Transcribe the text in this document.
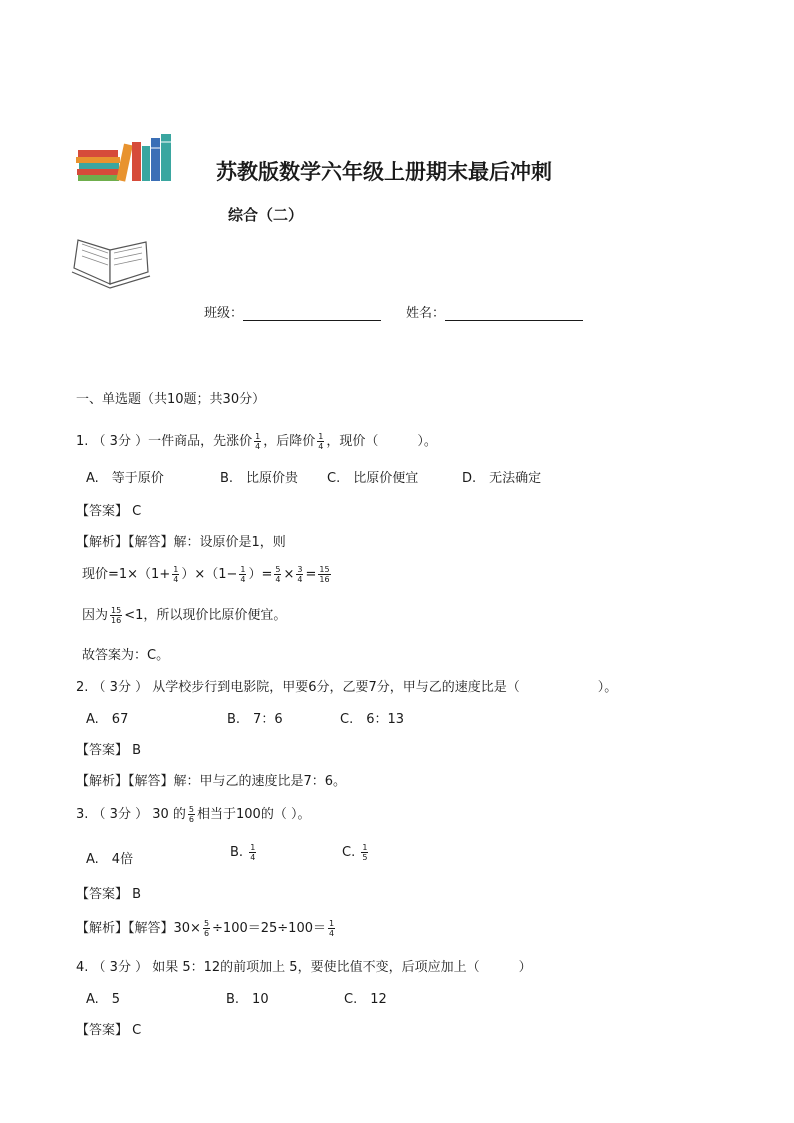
苏教版数学六年级上册期末最后冲刺
综合（二）
班级：	姓名：
一、单选题（共10题；共30分）
1. （ 3分 ）一件商品，先涨价 $\frac{1}{4}$ ，后降价 $\frac{1}{4}$ ，现价（　　　）。
A.　等于原价	B.　比原价贵 C.　比原价便宜	D.　无法确定
【答案】 C
【解析】【解答】解：设原价是1，则
现价$=1\times(1+ \frac{1}{4} )\times(1- \frac{1}{4}$ ）= $\frac{5}{4} \times \frac{3}{4} = \frac{15}{16}$
因为 $\frac{15}{16} <1$，所以现价比原价便宜。
故答案为：C。
2. （ 3分 ） 从学校步行到电影院，甲要6分，乙要7分，甲与乙的速度比是（　　　　　　）。
A.　67	B.　7：6	C.　6：13
【答案】 B
【解析】【解答】解：甲与乙的速度比是7：6。
3. （ 3分 ） 30 的 $\frac{5}{6}$ 相当于100的（ ）。
A.　4倍	B. $\frac{1}{4}$	C. $\frac{1}{5}$
【答案】 B
【解析】【解答】$30\times \frac{5}{6} \div 100=25\div 100= \frac{1}{4}$
4. （ 3分 ） 如果 5：12的前项加上 5，要使比值不变，后项应加上（　　　）
A.　5	B.　10	C.　12
【答案】 C
